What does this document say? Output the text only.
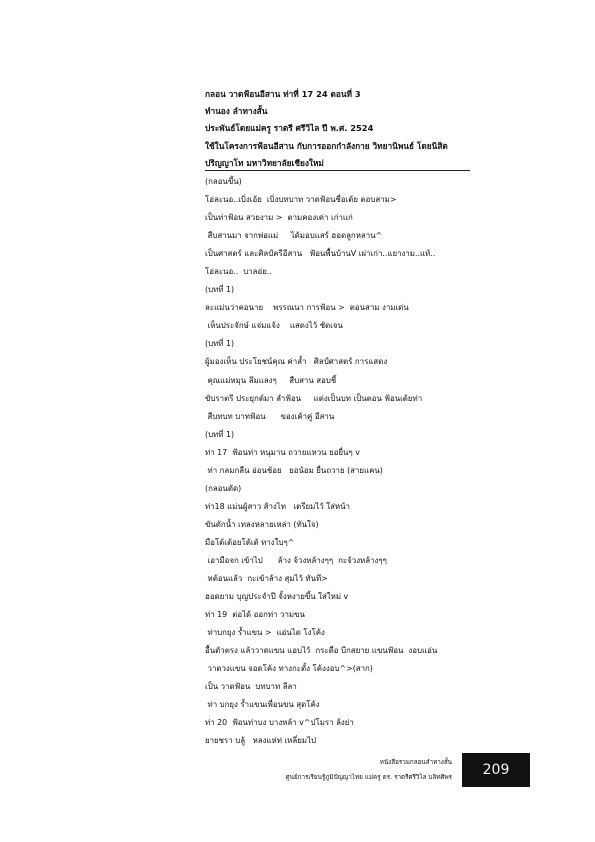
กลอน วาดฟ้อนอีสาน ท่าที่ 17 24 ตอนที่ 3
ทำนอง ลำทางสั้น
ประพันธ์โดยแม่ครู ราตรี ศรีวิไล ปี พ.ศ. 2524
ใช้ในโครงการฟ้อนอีสาน กับการออกกำลังกาย วิทยานิพนธ์ โดยนิสิต
ปริญญาโท มหาวิทยาลัยเชียงใหม่
(กลอนขึ้น)
โอ่ละนอ..เบิ่งเอ้ย  เบิ่งบทบาท วาดฟ้อนชื่อเต้ย ตอบสาม>
เป็นท่าฟ้อน สวยงาม >  ตามคองเค่า เก่าแก่
สืบสานมา จากพ่อแม่     ได้มอบแสร์ ฮอดลูกหลาน^
เป็นศาสตร์ และศิลป์ครีอีสาน   ฟ้อนพื้นบ้านV เผ่าเก่า..แยางาม..แท้..
โอ่ละนอ..  บาลอ่ย..
(บทที่ 1)
ละแม่นว่าคอนาย    พรรณนา การฟ้อน >  ตอนสาม งามเด่น
เห็นประจักษ์ แจ่มแจ้ง    แสดงไว้ ชัดเจน
(บทที่ 1)
ผู้มองเห็น ประโยชน์คุณ ค่าล้ำ   ศิลป์ศาสตร์ การแสดง
คุณแม่หมุน ลึมแลงๆ     สืบสาน สอบชี้
ขับราตรี ประยุกต์มา ลำฟ้อน     แต่งเป็นบท เป็นตอน ฟ้อนเต้ยท่า
สืบทบท บาทฟ้อน      ของเค้าคู่ อีสาน
(บทที่ 1)
ท่า 17  ฟ้อนท่า หนุมาน ถวายแหวน ยอยื่นๆ v
ท่า กลมกลืน อ่อนช้อย   ยอน้อม ยื่นถวาย (สายแคน)
(กลอนตัด)
ท่า18 แม่นผู้สาว ส้างไท   เตรียมไว้ ใส่หน้า
ขันตักน้ำ เทลงหลายเหล่า (ทันใจ)
มือโต้เต้อยโต้เต้ ทางใบๆ^
เอามือจก เข้าไป      ล้าง จ้วงหล้างๆๆ  กะจ้วงหล้างๆๆ
หต้อนแล้ว  กะเข้าล้าง สุมไว้ ทันที>
ฮอดยาม บุญประจำปี จั้งหงายขึ้น ใส่ใหม่ v
ท่า 19  ต่อได้ ออกท่า วามขน
ท่าบกยุง ร้ำแขน >  แอ่นได โงโค้ง
อื้นตัวตรง แล้ววาดแขน แอบไว้  กระดือ บีกสยาย แขนฟ้อน  งอบแอ่น
วาดวงแขน จอดโค้ง ทางกะตั้ง โค้งงอบ^>(สาก)
เป็น วาดฟ้อน  บทบาท ลีลา
ท่า บกยุง ร้ำแขนเพื่อนขน สุดโค้ง
ท่า 20  ฟ้อนท่าบง บางหล้า v^ปโมรา ล้งย่า
ยายชรา บลู้   หลงแห่ท่ เหลี่ยมไป
หนังสือรวมกลอนลำทางสั้น
ศูนย์การเรียนรู้ภูมิปัญญาไทย แม่ครู ดร. ราตรีศรีวิไล บลิทศิพร 209
